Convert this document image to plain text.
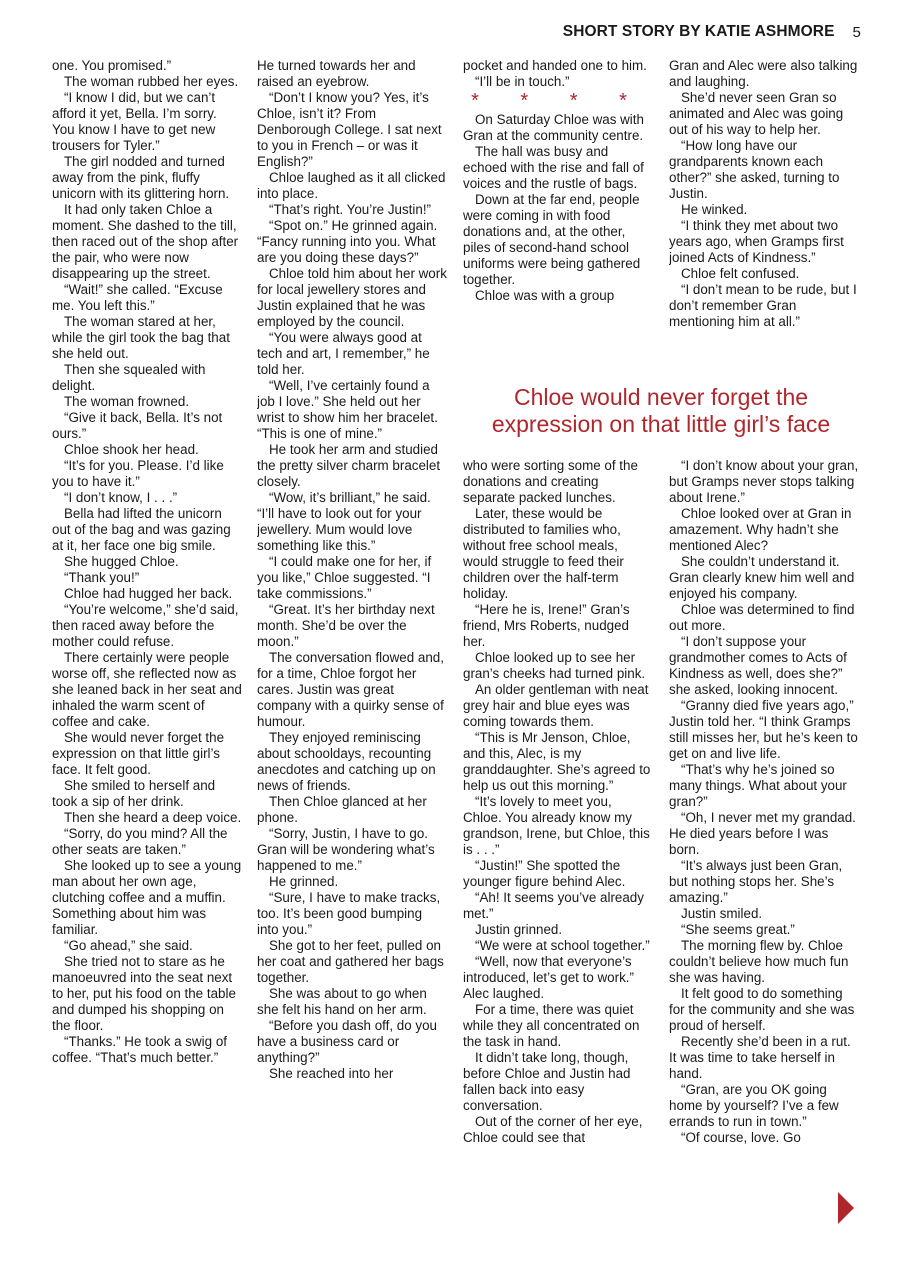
SHORT STORY BY KATIE ASHMORE 5

one. You promised.”

The woman rubbed her eyes.

“I know I did, but we can’t afford it yet, Bella. I’m sorry. You know I have to get new trousers for Tyler.”

The girl nodded and turned away from the pink, fluffy unicorn with its glittering horn.

It had only taken Chloe a moment. She dashed to the till, then raced out of the shop after the pair, who were now disappearing up the street.

“Wait!” she called. “Excuse me. You left this.”

The woman stared at her, while the girl took the bag that she held out.

Then she squealed with delight.

The woman frowned.

“Give it back, Bella. It’s not ours.”

Chloe shook her head.

“It’s for you. Please. I’d like you to have it.”

“I don’t know, I . . .”

Bella had lifted the unicorn out of the bag and was gazing at it, her face one big smile.

She hugged Chloe.

“Thank you!”

Chloe had hugged her back.

“You’re welcome,” she’d said, then raced away before the mother could refuse.

There certainly were people worse off, she reflected now as she leaned back in her seat and inhaled the warm scent of coffee and cake.

She would never forget the expression on that little girl’s face. It felt good.

She smiled to herself and took a sip of her drink.

Then she heard a deep voice.

“Sorry, do you mind? All the other seats are taken.”

She looked up to see a young man about her own age, clutching coffee and a muffin. Something about him was familiar.

“Go ahead,” she said.

She tried not to stare as he manoeuvred into the seat next to her, put his food on the table and dumped his shopping on the floor.

“Thanks.” He took a swig of coffee. “That’s much better.”

He turned towards her and raised an eyebrow.

“Don’t I know you? Yes, it’s Chloe, isn’t it? From Denborough College. I sat next to you in French – or was it English?”

Chloe laughed as it all clicked into place.

“That’s right. You’re Justin!”

“Spot on.” He grinned again. “Fancy running into you. What are you doing these days?”

Chloe told him about her work for local jewellery stores and Justin explained that he was employed by the council.

“You were always good at tech and art, I remember,” he told her.

“Well, I’ve certainly found a job I love.” She held out her wrist to show him her bracelet. “This is one of mine.”

He took her arm and studied the pretty silver charm bracelet closely.

“Wow, it’s brilliant,” he said. “I’ll have to look out for your jewellery. Mum would love something like this.”

“I could make one for her, if you like,” Chloe suggested. “I take commissions.”

“Great. It’s her birthday next month. She’d be over the moon.”

The conversation flowed and, for a time, Chloe forgot her cares. Justin was great company with a quirky sense of humour.

They enjoyed reminiscing about schooldays, recounting anecdotes and catching up on news of friends.

Then Chloe glanced at her phone.

“Sorry, Justin, I have to go. Gran will be wondering what’s happened to me.”

He grinned.

“Sure, I have to make tracks, too. It’s been good bumping into you.”

She got to her feet, pulled on her coat and gathered her bags together.

She was about to go when she felt his hand on her arm.

“Before you dash off, do you have a business card or anything?”

She reached into her

pocket and handed one to him.

“I’ll be in touch.”

* * * *

On Saturday Chloe was with Gran at the community centre.

The hall was busy and echoed with the rise and fall of voices and the rustle of bags.

Down at the far end, people were coming in with food donations and, at the other, piles of second-hand school uniforms were being gathered together.

Chloe was with a group

Gran and Alec were also talking and laughing.

She’d never seen Gran so animated and Alec was going out of his way to help her.

“How long have our grandparents known each other?” she asked, turning to Justin.

He winked.

“I think they met about two years ago, when Gramps first joined Acts of Kindness.”

Chloe felt confused.

“I don’t mean to be rude, but I don’t remember Gran mentioning him at all.”

Chloe would never forget the expression on that little girl’s face

who were sorting some of the donations and creating separate packed lunches.

Later, these would be distributed to families who, without free school meals, would struggle to feed their children over the half-term holiday.

“Here he is, Irene!” Gran’s friend, Mrs Roberts, nudged her.

Chloe looked up to see her gran’s cheeks had turned pink.

An older gentleman with neat grey hair and blue eyes was coming towards them.

“This is Mr Jenson, Chloe, and this, Alec, is my granddaughter. She’s agreed to help us out this morning.”

“It’s lovely to meet you, Chloe. You already know my grandson, Irene, but Chloe, this is . . .”

“Justin!” She spotted the younger figure behind Alec.

“Ah! It seems you’ve already met.”

Justin grinned.

“We were at school together.”

“Well, now that everyone’s introduced, let’s get to work.” Alec laughed.

For a time, there was quiet while they all concentrated on the task in hand.

It didn’t take long, though, before Chloe and Justin had fallen back into easy conversation.

Out of the corner of her eye, Chloe could see that

“I don’t know about your gran, but Gramps never stops talking about Irene.”

Chloe looked over at Gran in amazement. Why hadn’t she mentioned Alec?

She couldn’t understand it. Gran clearly knew him well and enjoyed his company.

Chloe was determined to find out more.

“I don’t suppose your grandmother comes to Acts of Kindness as well, does she?” she asked, looking innocent.

“Granny died five years ago,” Justin told her. “I think Gramps still misses her, but he’s keen to get on and live life.

“That’s why he’s joined so many things. What about your gran?”

“Oh, I never met my grandad. He died years before I was born.

“It’s always just been Gran, but nothing stops her. She’s amazing.”

Justin smiled.

“She seems great.”

The morning flew by. Chloe couldn’t believe how much fun she was having.

It felt good to do something for the community and she was proud of herself.

Recently she’d been in a rut. It was time to take herself in hand.

“Gran, are you OK going home by yourself? I’ve a few errands to run in town.”

“Of course, love. Go
